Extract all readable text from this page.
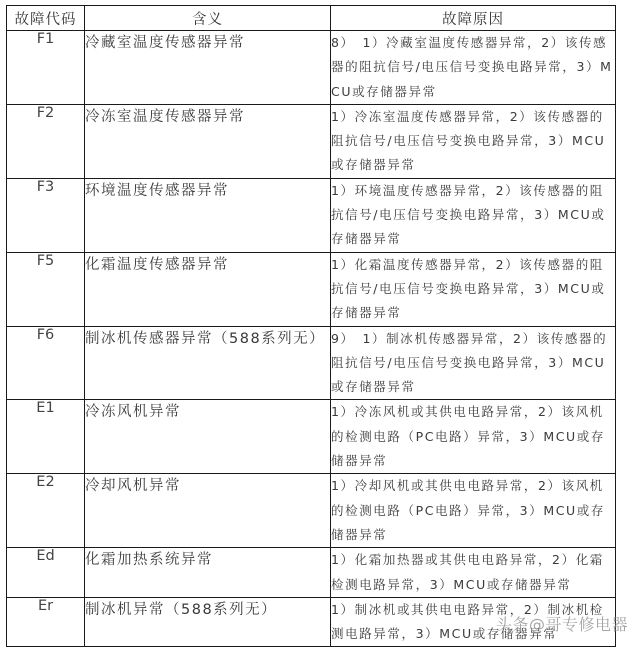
故障代码	含义	故障原因
F1	冷藏室温度传感器异常	8）　1）冷藏室温度传感器异常，2）该传感器的阻抗信号/电压信号变换电路异常，3）MCU或存储器异常
F2	冷冻室温度传感器异常	1）冷冻室温度传感器异常，2）该传感器的阻抗信号/电压信号变换电路异常，3）MCU或存储器异常
F3	环境温度传感器异常	1）环境温度传感器异常，2）该传感器的阻抗信号/电压信号变换电路异常，3）MCU或存储器异常
F5	化霜温度传感器异常	1）化霜温度传感器异常，2）该传感器的阻抗信号/电压信号变换电路异常，3）MCU或存储器异常
F6	制冰机传感器异常（588系列无）	9）　1）制冰机传感器异常，2）该传感器的阻抗信号/电压信号变换电路异常，3）MCU或存储器异常
E1	冷冻风机异常	1）冷冻风机或其供电电路异常，2）该风机的检测电路（PC电路）异常，3）MCU或存储器异常
E2	冷却风机异常	1）冷却风机或其供电电路异常，2）该风机的检测电路（PC电路）异常，3）MCU或存储器异常
Ed	化霜加热系统异常	1）化霜加热器或其供电电路异常，2）化霜检测电路异常，3）MCU或存储器异常
Er	制冰机异常（588系列无）	1）制冰机或其供电电路异常，2）制冰机检测电路异常，3）MCU或存储器异常
头条@哥专修电器
